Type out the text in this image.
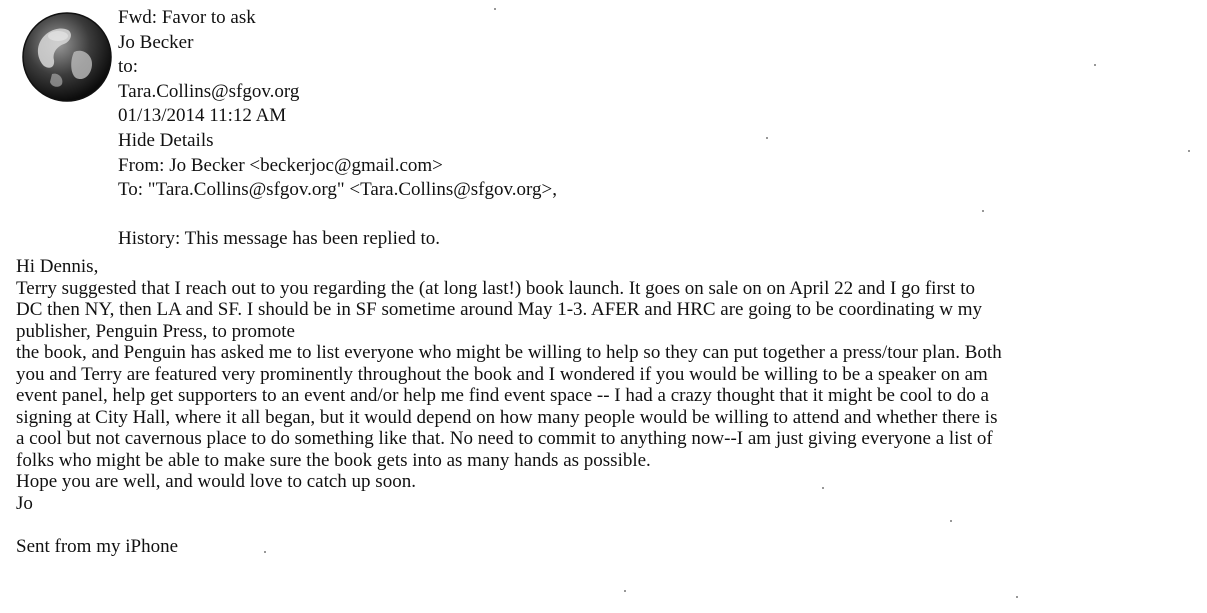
Fwd: Favor to ask
Jo Becker
to:
Tara.Collins@sfgov.org
01/13/2014 11:12 AM
Hide Details
From: Jo Becker <beckerjoc@gmail.com>
To: "Tara.Collins@sfgov.org" <Tara.Collins@sfgov.org>,
History: This message has been replied to.
Hi Dennis,
Terry suggested that I reach out to you regarding the (at long last!) book launch. It goes on sale on on April 22 and I go first to
DC then NY, then LA and SF. I should be in SF sometime around May 1-3. AFER and HRC are going to be coordinating w my
publisher, Penguin Press, to promote
the book, and Penguin has asked me to list everyone who might be willing to help so they can put together a press/tour plan. Both
you and Terry are featured very prominently throughout the book and I wondered if you would be willing to be a speaker on am
event panel, help get supporters to an event and/or help me find event space -- I had a crazy thought that it might be cool to do a
signing at City Hall, where it all began, but it would depend on how many people would be willing to attend and whether there is
a cool but not cavernous place to do something like that. No need to commit to anything now--I am just giving everyone a list of
folks who might be able to make sure the book gets into as many hands as possible.
Hope you are well, and would love to catch up soon.
Jo
Sent from my iPhone
